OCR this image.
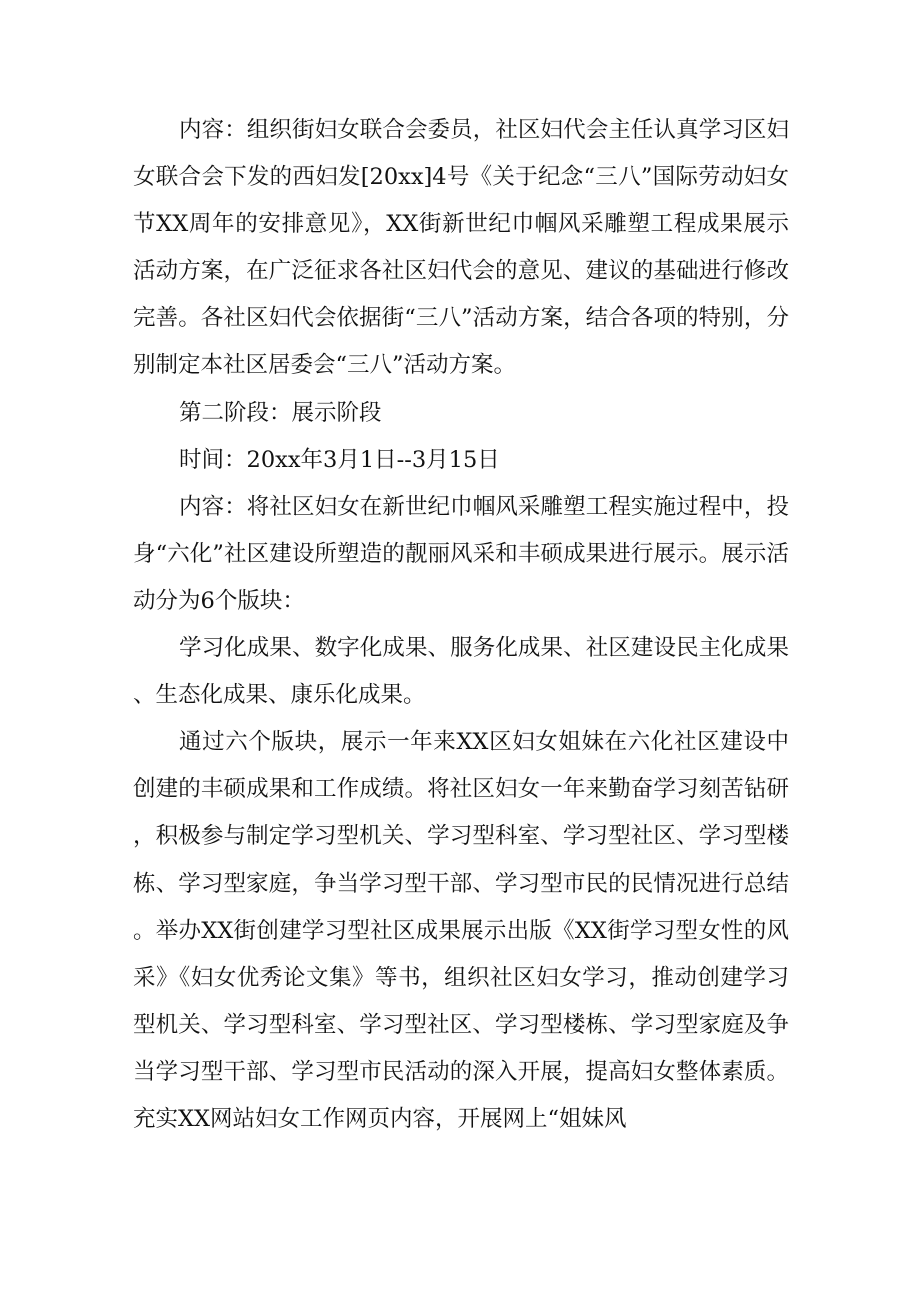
内容：组织街妇女联合会委员，社区妇代会主任认真学习区妇女联合会下发的西妇发[20xx]4号《关于纪念“三八”国际劳动妇女节XX周年的安排意见》，XX街新世纪巾帼风采雕塑工程成果展示活动方案，在广泛征求各社区妇代会的意见、建议的基础进行修改完善。各社区妇代会依据街“三八”活动方案，结合各项的特别，分别制定本社区居委会“三八”活动方案。

第二阶段：展示阶段

时间：20xx年3月1日--3月15日

内容：将社区妇女在新世纪巾帼风采雕塑工程实施过程中，投身“六化”社区建设所塑造的靓丽风采和丰硕成果进行展示。展示活动分为6个版块：

学习化成果、数字化成果、服务化成果、社区建设民主化成果、生态化成果、康乐化成果。

通过六个版块，展示一年来XX区妇女姐妹在六化社区建设中创建的丰硕成果和工作成绩。将社区妇女一年来勤奋学习刻苦钻研，积极参与制定学习型机关、学习型科室、学习型社区、学习型楼栋、学习型家庭，争当学习型干部、学习型市民的民情况进行总结。举办XX街创建学习型社区成果展示出版《XX街学习型女性的风采》《妇女优秀论文集》等书，组织社区妇女学习，推动创建学习型机关、学习型科室、学习型社区、学习型楼栋、学习型家庭及争当学习型干部、学习型市民活动的深入开展，提高妇女整体素质。充实XX网站妇女工作网页内容，开展网上“姐妹风
